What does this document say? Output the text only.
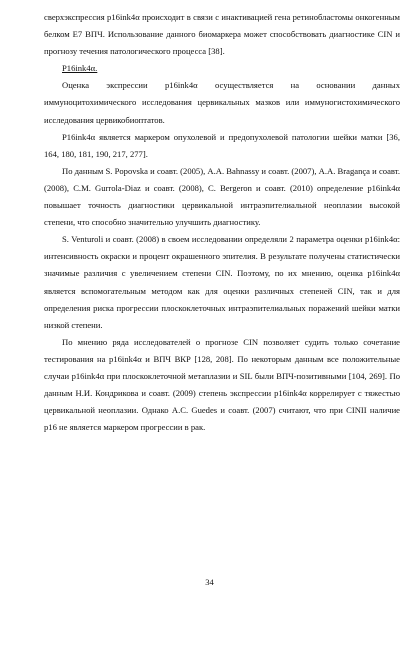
сверхэкспрессия p16ink4α происходит в связи с инактивацией гена ретинобластомы онкогенным белком Е7 ВПЧ. Использование данного биомаркера может способствовать диагностике CIN и прогнозу течения патологического процесса [38].

P16ink4α.

Оценка экспрессии p16ink4α осуществляется на основании данных иммуноцитохимического исследования цервикальных мазков или иммуногистохимического исследования цервикобиоптатов.

P16ink4α является маркером опухолевой и предопухолевой патологии шейки матки [36, 164, 180, 181, 190, 217, 277].

По данным S. Popovska и соавт. (2005), A.A. Bahnassy и соавт. (2007), A.A. Bragança и соавт. (2008), C.M. Gurrola-Diaz и соавт. (2008), C. Bergeron и соавт. (2010) определение p16ink4α повышает точность диагностики цервикальной интраэпителиальной неоплазии высокой степени, что способно значительно улучшить диагностику.

S. Venturoli и соавт. (2008) в своем исследовании определяли 2 параметра оценки p16ink4α: интенсивность окраски и процент окрашенного эпителия. В результате получены статистически значимые различия с увеличением степени CIN. Поэтому, по их мнению, оценка p16ink4α является вспомогательным методом как для оценки различных степеней CIN, так и для определения риска прогрессии плоскоклеточных интраэпителиальных поражений шейки матки низкой степени.

По мнению ряда исследователей о прогнозе CIN позволяет судить только сочетание тестирования на p16ink4α и ВПЧ ВКР [128, 208]. По некоторым данным все положительные случаи p16ink4α при плоскоклеточной метаплазии и SIL были ВПЧ-позитивными [104, 269]. По данным Н.И. Кондрикова и соавт. (2009) степень экспрессии p16ink4α коррелирует с тяжестью цервикальной неоплазии. Однако A.C. Guedes и соавт. (2007) считают, что при CINII наличие p16 не является маркером прогрессии в рак.

34
